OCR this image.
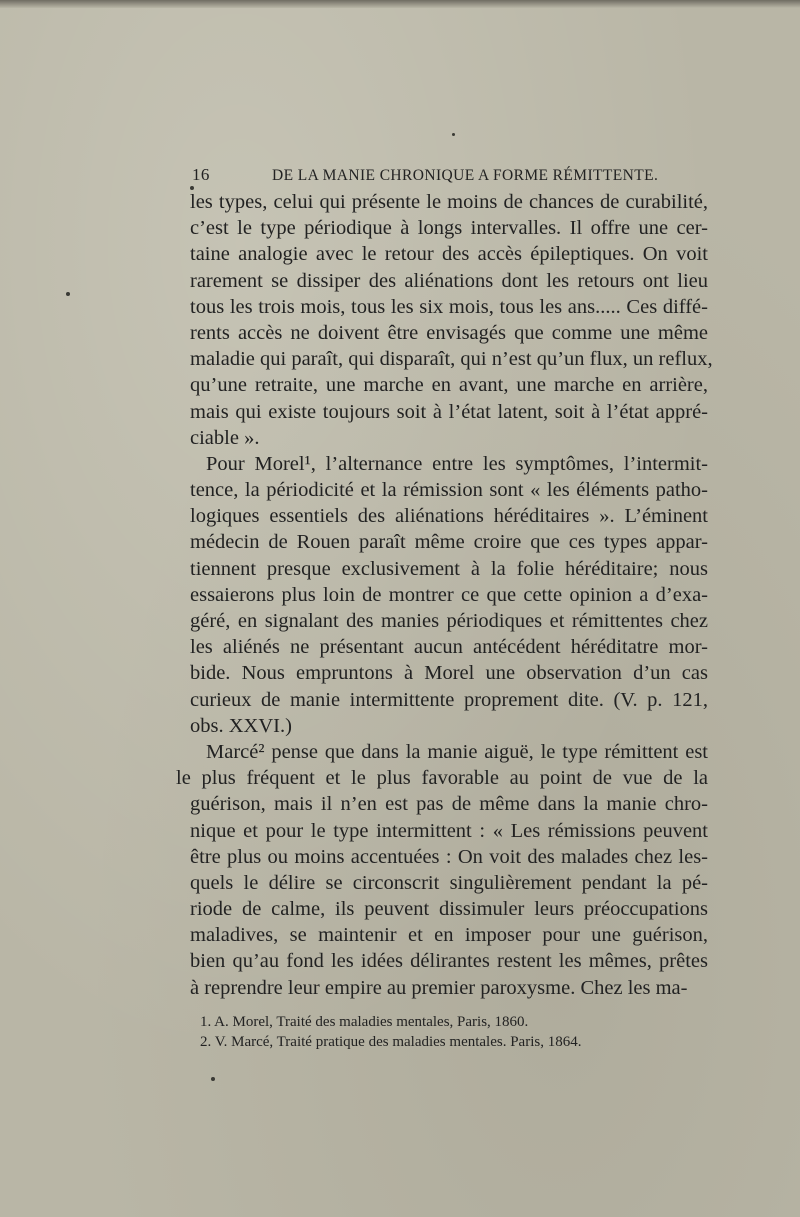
16	DE LA MANIE CHRONIQUE A FORME RÉMITTENTE.
les types, celui qui présente le moins de chances de curabilité,
c’est le type périodique à longs intervalles. Il offre une cer-
taine analogie avec le retour des accès épileptiques. On voit
rarement se dissiper des aliénations dont les retours ont lieu
tous les trois mois, tous les six mois, tous les ans..... Ces diffé-
rents accès ne doivent être envisagés que comme une même
maladie qui paraît, qui disparaît, qui n’est qu’un flux, un reflux,
qu’une retraite, une marche en avant, une marche en arrière,
mais qui existe toujours soit à l’état latent, soit à l’état appré-
ciable ».
Pour Morel¹, l’alternance entre les symptômes, l’intermit-
tence, la périodicité et la rémission sont « les éléments patho-
logiques essentiels des aliénations héréditaires ». L’éminent
médecin de Rouen paraît même croire que ces types appar-
tiennent presque exclusivement à la folie héréditaire; nous
essaierons plus loin de montrer ce que cette opinion a d’exa-
géré, en signalant des manies périodiques et rémittentes chez
les aliénés ne présentant aucun antécédent héréditatre mor-
bide. Nous empruntons à Morel une observation d’un cas
curieux de manie intermittente proprement dite. (V. p. 121,
obs. XXVI.)
Marcé² pense que dans la manie aiguë, le type rémittent est
le plus fréquent et le plus favorable au point de vue de la
guérison, mais il n’en est pas de même dans la manie chro-
nique et pour le type intermittent : « Les rémissions peuvent
être plus ou moins accentuées : On voit des malades chez les-
quels le délire se circonscrit singulièrement pendant la pé-
riode de calme, ils peuvent dissimuler leurs préoccupations
maladives, se maintenir et en imposer pour une guérison,
bien qu’au fond les idées délirantes restent les mêmes, prêtes
à reprendre leur empire au premier paroxysme. Chez les ma-
1. A. Morel, Traité des maladies mentales, Paris, 1860.
2. V. Marcé, Traité pratique des maladies mentales. Paris, 1864.
